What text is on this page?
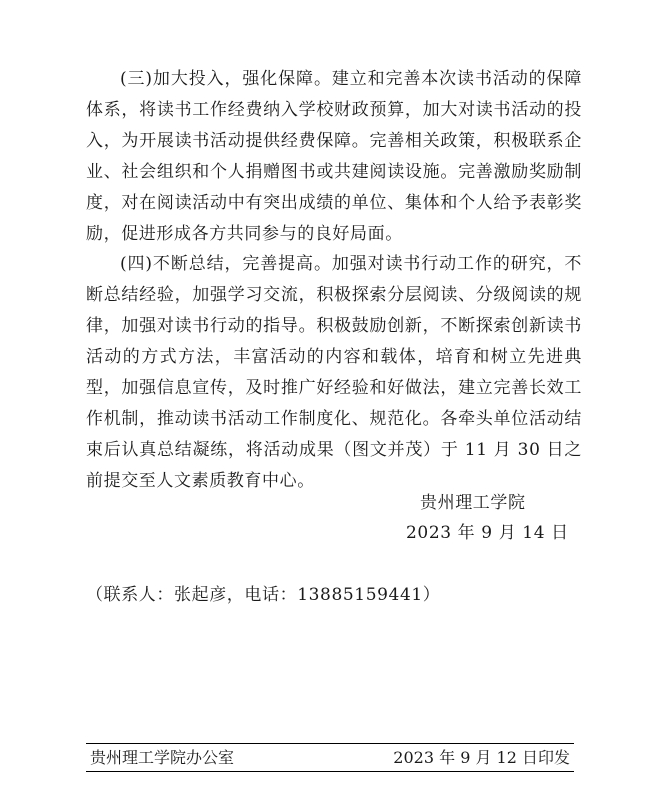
(三)加大投入，强化保障。建立和完善本次读书活动的保障体系，将读书工作经费纳入学校财政预算，加大对读书活动的投入，为开展读书活动提供经费保障。完善相关政策，积极联系企业、社会组织和个人捐赠图书或共建阅读设施。完善激励奖励制度，对在阅读活动中有突出成绩的单位、集体和个人给予表彰奖励，促进形成各方共同参与的良好局面。

(四)不断总结，完善提高。加强对读书行动工作的研究，不断总结经验，加强学习交流，积极探索分层阅读、分级阅读的规律，加强对读书行动的指导。积极鼓励创新，不断探索创新读书活动的方式方法，丰富活动的内容和载体，培育和树立先进典型，加强信息宣传，及时推广好经验和好做法，建立完善长效工作机制，推动读书活动工作制度化、规范化。各牵头单位活动结束后认真总结凝练，将活动成果（图文并茂）于 11 月 30 日之前提交至人文素质教育中心。

贵州理工学院
2023 年 9 月 14 日
（联系人：张起彦，电话：13885159441）
贵州理工学院办公室	2023 年 9 月 12 日印发
